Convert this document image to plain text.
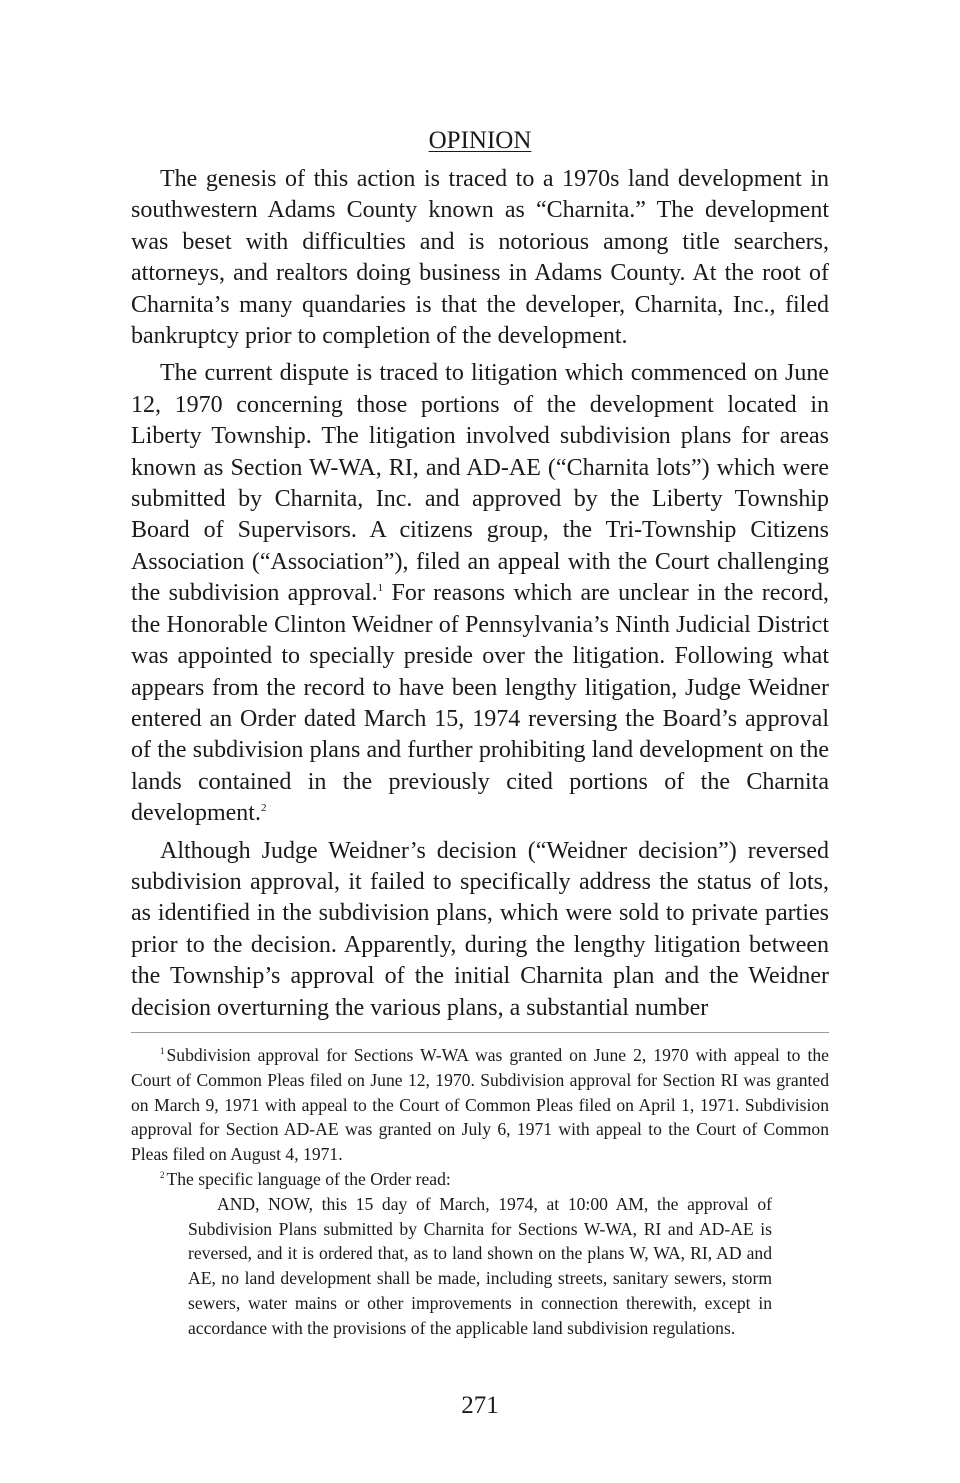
OPINION

The genesis of this action is traced to a 1970s land development in southwestern Adams County known as “Charnita.” The development was beset with difficulties and is notorious among title searchers, attorneys, and realtors doing business in Adams County. At the root of Charnita’s many quandaries is that the developer, Charnita, Inc., filed bankruptcy prior to completion of the development.

The current dispute is traced to litigation which commenced on June 12, 1970 concerning those portions of the development located in Liberty Township. The litigation involved subdivision plans for areas known as Section W-WA, RI, and AD-AE (“Charnita lots”) which were submitted by Charnita, Inc. and approved by the Liberty Township Board of Supervisors. A citizens group, the Tri-Township Citizens Association (“Association”), filed an appeal with the Court challenging the subdivision approval.$^1$ For reasons which are unclear in the record, the Honorable Clinton Weidner of Pennsylvania’s Ninth Judicial District was appointed to specially preside over the litigation. Following what appears from the record to have been lengthy litigation, Judge Weidner entered an Order dated March 15, 1974 reversing the Board’s approval of the subdivision plans and further prohibiting land development on the lands contained in the previously cited portions of the Charnita development.$^2$

Although Judge Weidner’s decision (“Weidner decision”) reversed subdivision approval, it failed to specifically address the status of lots, as identified in the subdivision plans, which were sold to private parties prior to the decision. Apparently, during the lengthy litigation between the Township’s approval of the initial Charnita plan and the Weidner decision overturning the various plans, a substantial number

$^1$ Subdivision approval for Sections W-WA was granted on June 2, 1970 with appeal to the Court of Common Pleas filed on June 12, 1970. Subdivision approval for Section RI was granted on March 9, 1971 with appeal to the Court of Common Pleas filed on April 1, 1971. Subdivision approval for Section AD-AE was granted on July 6, 1971 with appeal to the Court of Common Pleas filed on August 4, 1971.

$^2$ The specific language of the Order read:

AND, NOW, this 15 day of March, 1974, at 10:00 AM, the approval of Subdivision Plans submitted by Charnita for Sections W-WA, RI and AD-AE is reversed, and it is ordered that, as to land shown on the plans W, WA, RI, AD and AE, no land development shall be made, including streets, sanitary sewers, storm sewers, water mains or other improvements in connection therewith, except in accordance with the provisions of the applicable land subdivision regulations.

271
